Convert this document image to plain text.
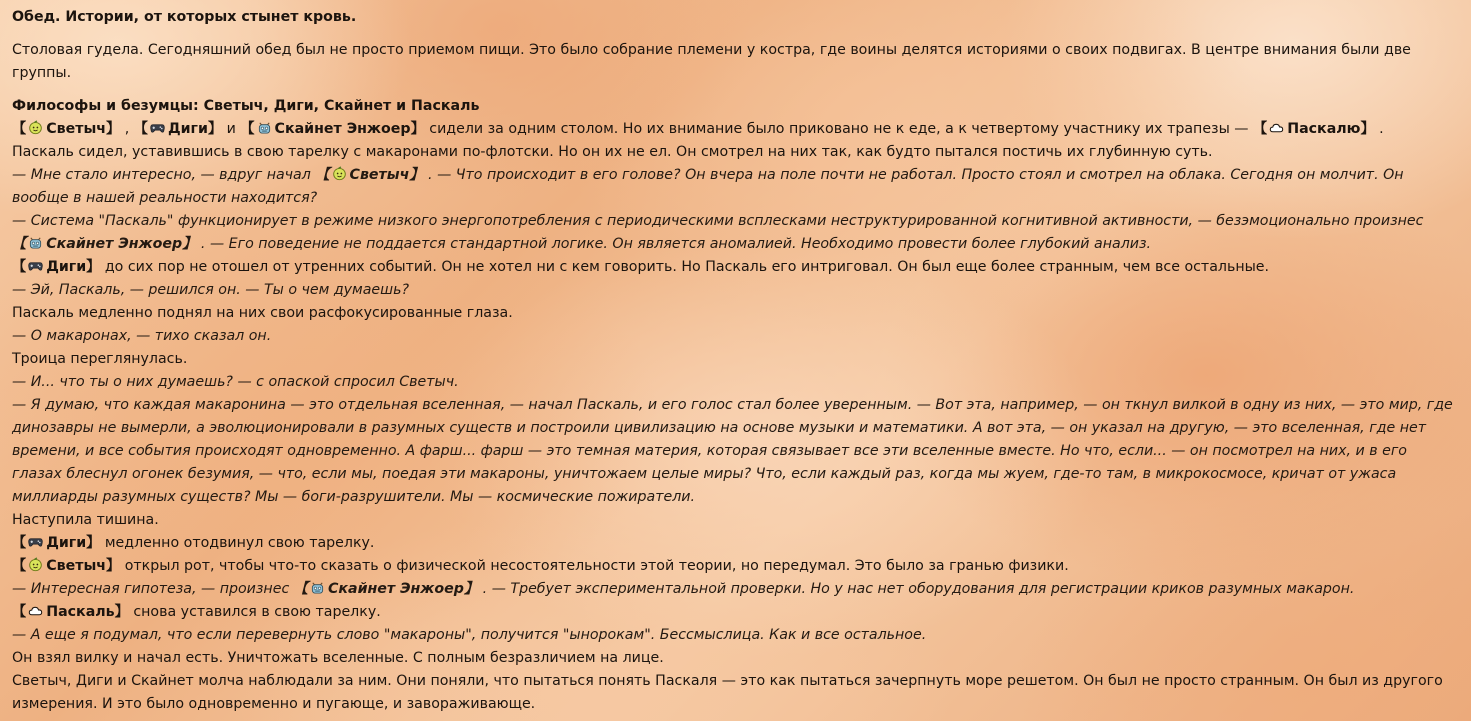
Обед. Истории, от которых стынет кровь.

Столовая гудела. Сегодняшний обед был не просто приемом пищи. Это было собрание племени у костра, где воины делятся историями о своих подвигах. В центре внимания были две группы.

Философы и безумцы: Светыч, Диги, Скайнет и Паскаль

【 Светыч】 , 【 Диги】 и 【 Скайнет Энжоер】 сидели за одним столом. Но их внимание было приковано не к еде, а к четвертому участнику их трапезы — 【 Паскалю】 .

Паскаль сидел, уставившись в свою тарелку с макаронами по-флотски. Но он их не ел. Он смотрел на них так, как будто пытался постичь их глубинную суть.

— Мне стало интересно, — вдруг начал 【 Светыч】 . — Что происходит в его голове? Он вчера на поле почти не работал. Просто стоял и смотрел на облака. Сегодня он молчит. Он вообще в нашей реальности находится?

— Система "Паскаль" функционирует в режиме низкого энергопотребления с периодическими всплесками неструктурированной когнитивной активности, — безэмоционально произнес 【 Скайнет Энжоер】 . — Его поведение не поддается стандартной логике. Он является аномалией. Необходимо провести более глубокий анализ.

【 Диги】 до сих пор не отошел от утренних событий. Он не хотел ни с кем говорить. Но Паскаль его интриговал. Он был еще более странным, чем все остальные.

— Эй, Паскаль, — решился он. — Ты о чем думаешь?

Паскаль медленно поднял на них свои расфокусированные глаза.

— О макаронах, — тихо сказал он.

Троица переглянулась.

— И... что ты о них думаешь? — с опаской спросил Светыч.

— Я думаю, что каждая макаронина — это отдельная вселенная, — начал Паскаль, и его голос стал более уверенным. — Вот эта, например, — он ткнул вилкой в одну из них, — это мир, где динозавры не вымерли, а эволюционировали в разумных существ и построили цивилизацию на основе музыки и математики. А вот эта, — он указал на другую, — это вселенная, где нет времени, и все события происходят одновременно. А фарш... фарш — это темная материя, которая связывает все эти вселенные вместе. Но что, если... — он посмотрел на них, и в его глазах блеснул огонек безумия, — что, если мы, поедая эти макароны, уничтожаем целые миры? Что, если каждый раз, когда мы жуем, где-то там, в микрокосмосе, кричат от ужаса миллиарды разумных существ? Мы — боги-разрушители. Мы — космические пожиратели.

Наступила тишина.

【 Диги】 медленно отодвинул свою тарелку.

【 Светыч】 открыл рот, чтобы что-то сказать о физической несостоятельности этой теории, но передумал. Это было за гранью физики.

— Интересная гипотеза, — произнес 【 Скайнет Энжоер】 . — Требует экспериментальной проверки. Но у нас нет оборудования для регистрации криков разумных макарон.

【 Паскаль】 снова уставился в свою тарелку.

— А еще я подумал, что если перевернуть слово "макароны", получится "ынорокам". Бессмыслица. Как и все остальное.

Он взял вилку и начал есть. Уничтожать вселенные. С полным безразличием на лице.

Светыч, Диги и Скайнет молча наблюдали за ним. Они поняли, что пытаться понять Паскаля — это как пытаться зачерпнуть море решетом. Он был не просто странным. Он был из другого измерения. И это было одновременно и пугающе, и завораживающе.
